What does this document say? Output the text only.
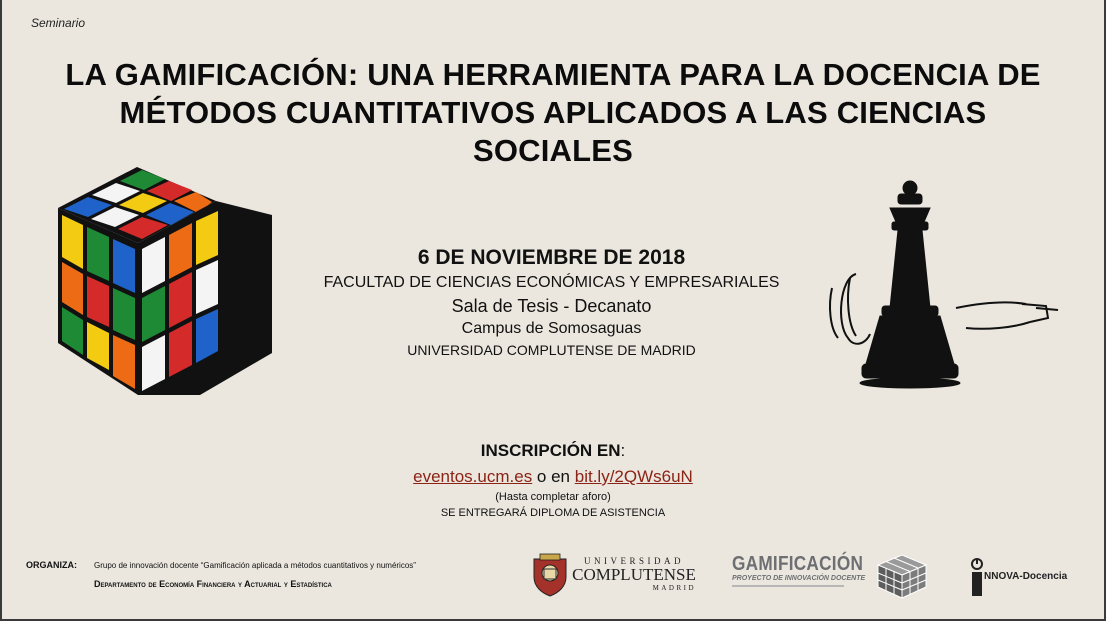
Seminario
LA GAMIFICACIÓN: UNA HERRAMIENTA PARA LA DOCENCIA DE
MÉTODOS CUANTITATIVOS APLICADOS A LAS CIENCIAS
SOCIALES
6 DE NOVIEMBRE DE 2018
FACULTAD DE CIENCIAS ECONÓMICAS Y EMPRESARIALES
Sala de Tesis - Decanato
Campus de Somosaguas
UNIVERSIDAD COMPLUTENSE DE MADRID
INSCRIPCIÓN EN:
eventos.ucm.es o en bit.ly/2QWs6uN
(Hasta completar aforo)
SE ENTREGARÁ DIPLOMA DE ASISTENCIA
ORGANIZA: Grupo de innovación docente “Gamificación aplicada a métodos cuantitativos y numéricos”
Departamento de Economía Financiera y Actuarial y Estadística
UNIVERSIDAD
COMPLUTENSE
MADRID
GAMIFICACIÓN
PROYECTO DE INNOVACIÓN DOCENTE	NNOVA-Docencia
